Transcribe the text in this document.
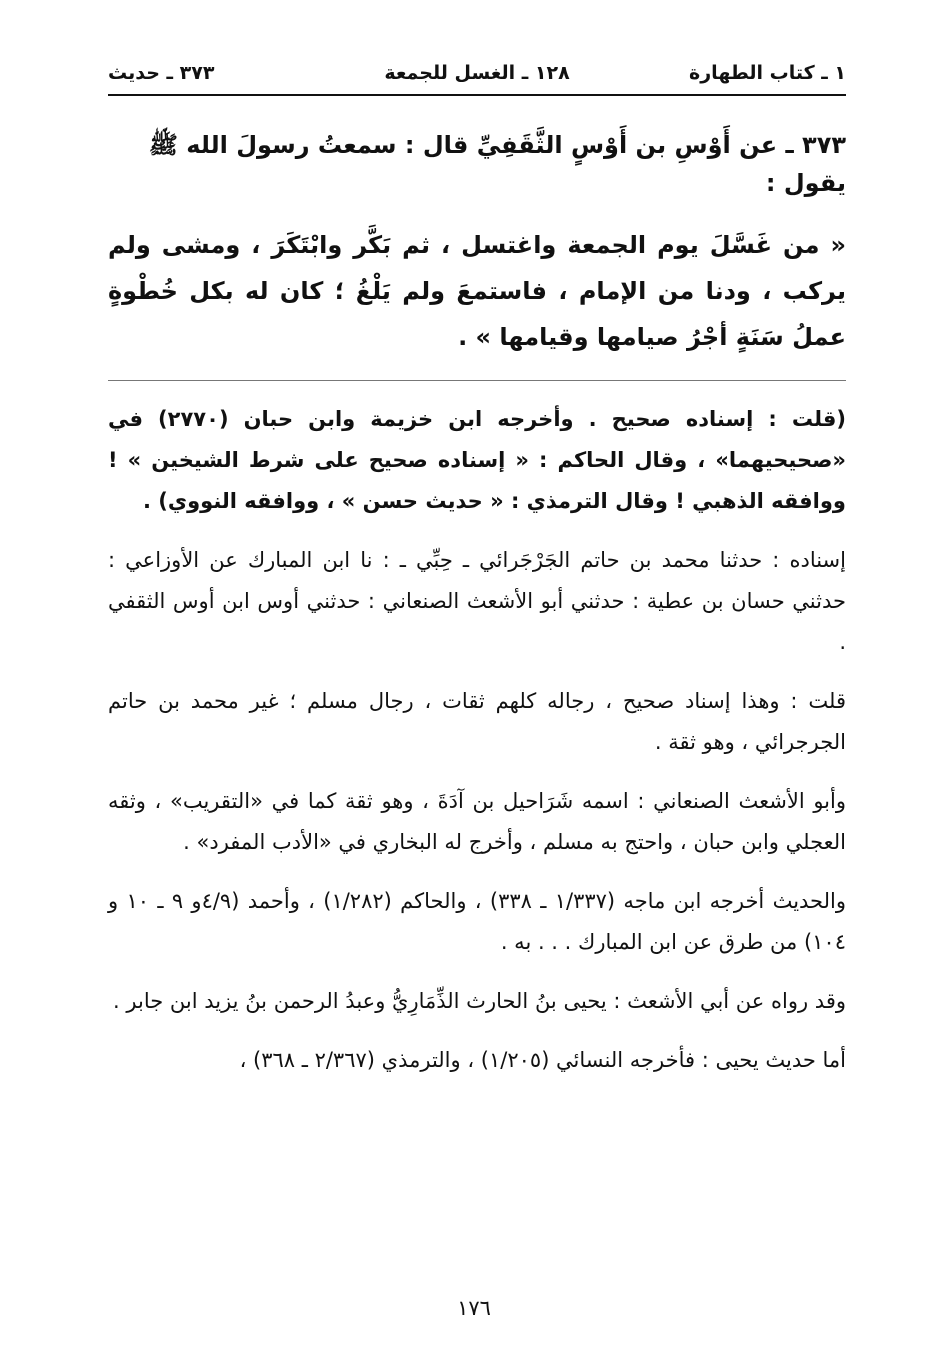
١ ـ كتاب الطهارة
١٢٨ ـ الغسل للجمعة
٣٧٣ ـ حديث
٣٧٣ ـ عن أَوْسِ بن أَوْسٍ الثَّقَفِيِّ قال : سمعتُ رسولَ الله ﷺ يقول :
« من غَسَّلَ يوم الجمعة واغتسل ، ثم بَكَّر وابْتَكَرَ ، ومشى ولم يركب ، ودنا من الإمام ، فاستمعَ ولم يَلْغُ ؛ كان له بكل خُطْوةٍ عملُ سَنَةٍ أجْرُ صيامها وقيامها » .
(قلت : إسناده صحيح . وأخرجه ابن خزيمة وابن حبان (٢٧٧٠) في «صحيحيهما» ، وقال الحاكم : « إسناده صحيح على شرط الشيخين » ! ووافقه الذهبي ! وقال الترمذي : « حديث حسن » ، ووافقه النووي) .
إسناده : حدثنا محمد بن حاتم الجَرْجَرائي ـ حِبِّي ـ : نا ابن المبارك عن الأوزاعي : حدثني حسان بن عطية : حدثني أبو الأشعث الصنعاني : حدثني أوس ابن أوس الثقفي .
قلت : وهذا إسناد صحيح ، رجاله كلهم ثقات ، رجال مسلم ؛ غير محمد بن حاتم الجرجرائي ، وهو ثقة .
وأبو الأشعث الصنعاني : اسمه شَرَاحيل بن آدَةَ ، وهو ثقة كما في «التقريب» ، وثقه العجلي وابن حبان ، واحتج به مسلم ، وأخرج له البخاري في «الأدب المفرد» .
والحديث أخرجه ابن ماجه (١/٣٣٧ ـ ٣٣٨) ، والحاكم (١/٢٨٢) ، وأحمد (٤/٩و ٩ ـ ١٠ و ١٠٤) من طرق عن ابن المبارك . . . به .
وقد رواه عن أبي الأشعث : يحيى بنُ الحارث الذِّمَارِيُّ وعبدُ الرحمن بنُ يزيد ابن جابر .
أما حديث يحيى : فأخرجه النسائي (١/٢٠٥) ، والترمذي (٢/٣٦٧ ـ ٣٦٨) ،
١٧٦
